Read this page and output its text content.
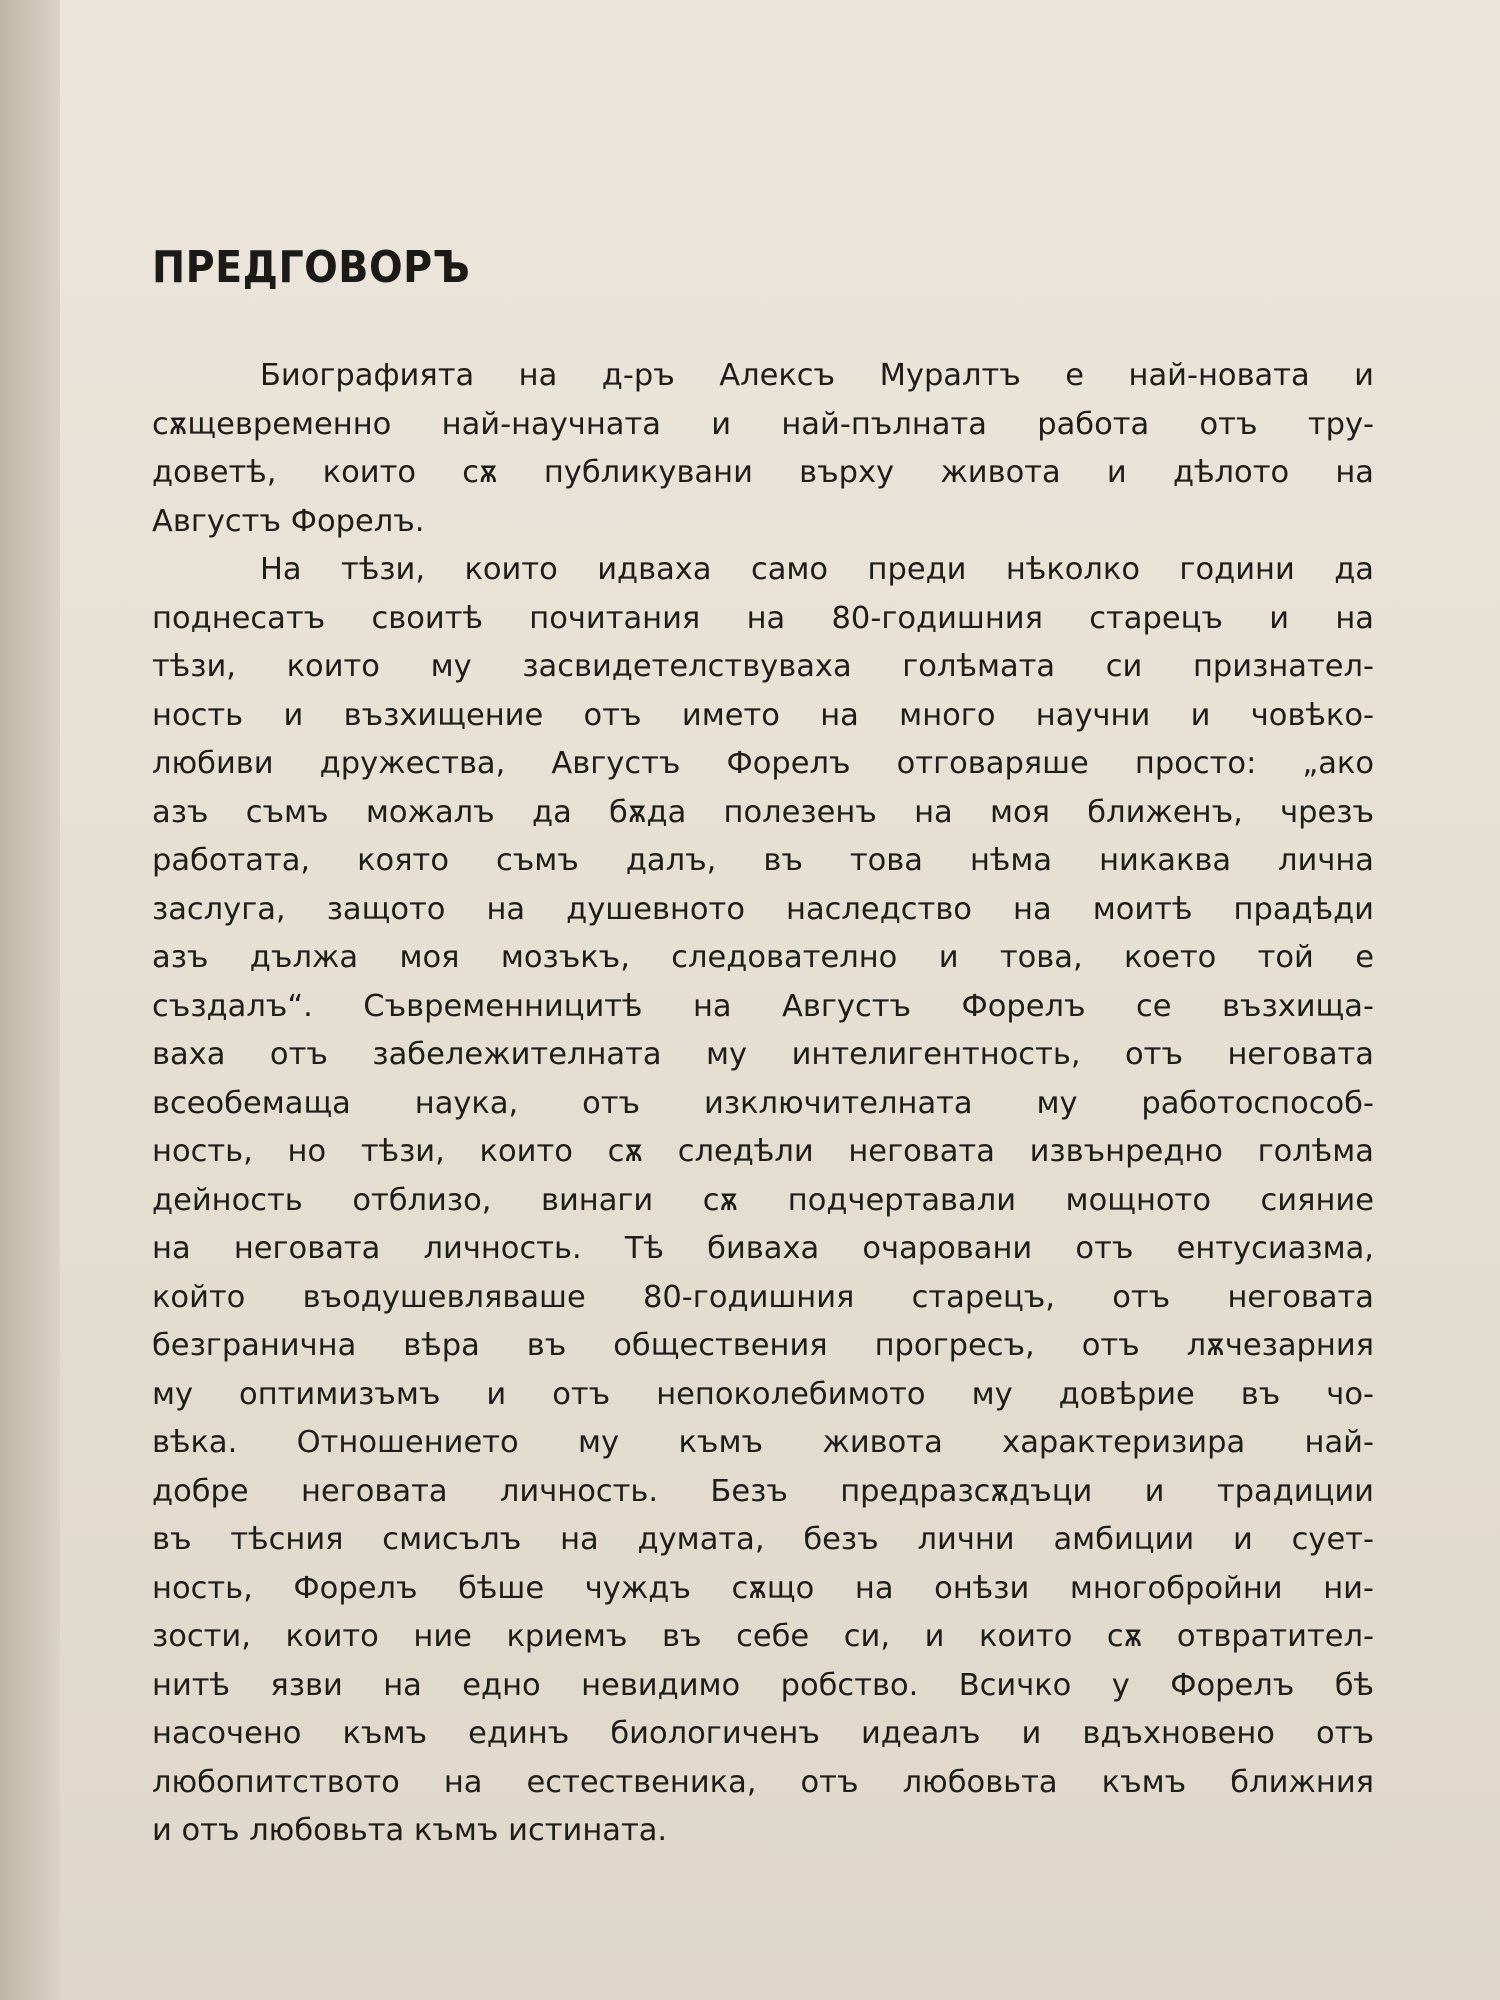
ПРЕДГОВОРЪ
Биографията на д-ръ Алексъ Муралтъ е най-новата и
сѫщевременно най-научната и най-пълната работа отъ тру-
доветѣ, които сѫ публикувани върху живота и дѣлото на
Августъ Форелъ.
На тѣзи, които идваха само преди нѣколко години да
поднесатъ своитѣ почитания на 80-годишния старецъ и на
тѣзи, които му засвидетелствуваха голѣмата си признател-
ность и възхищение отъ името на много научни и човѣко-
любиви дружества, Августъ Форелъ отговаряше просто: „ако
азъ съмъ можалъ да бѫда полезенъ на моя ближенъ, чрезъ
работата, която съмъ далъ, въ това нѣма никаква лична
заслуга, защото на душевното наследство на моитѣ прадѣди
азъ дължа моя мозъкъ, следователно и това, което той е
създалъ“. Съвременницитѣ на Августъ Форелъ се възхища-
ваха отъ забележителната му интелигентность, отъ неговата
всеобемаща наука, отъ изключителната му работоспособ-
ность, но тѣзи, които сѫ следѣли неговата извънредно голѣма
дейность отблизо, винаги сѫ подчертавали мощното сияние
на неговата личность. Тѣ биваха очаровани отъ ентусиазма,
който въодушевляваше 80-годишния старецъ, отъ неговата
безгранична вѣра въ обществения прогресъ, отъ лѫчезарния
му оптимизъмъ и отъ непоколебимото му довѣрие въ чо-
вѣка. Отношението му къмъ живота характеризира най-
добре неговата личность. Безъ предразсѫдъци и традиции
въ тѣсния смисълъ на думата, безъ лични амбиции и сует-
ность, Форелъ бѣше чуждъ сѫщо на онѣзи многобройни ни-
зости, които ние криемъ въ себе си, и които сѫ отвратител-
нитѣ язви на едно невидимо робство. Всичко у Форелъ бѣ
насочено къмъ единъ биологиченъ идеалъ и вдъхновено отъ
любопитството на естественика, отъ любовьта къмъ ближния
и отъ любовьта къмъ истината.
